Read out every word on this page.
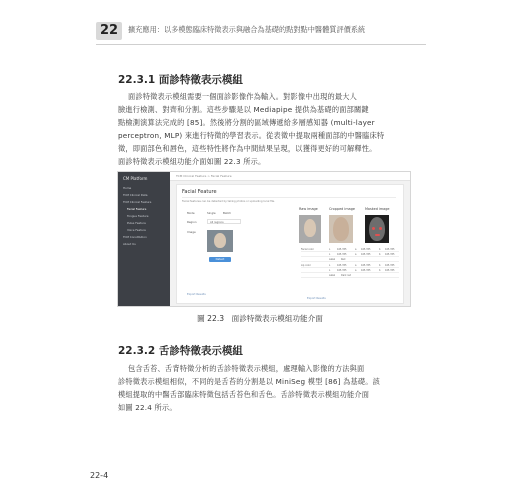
22	擴充應用：以多模態臨床特徵表示與融合為基礎的點對點中醫體質評價系統
22.3.1 面診特徵表示模組
面診特徵表示模組需要一個面診影像作為輸入。對影像中出現的最大人
臉進行檢測、對齊和分割。這些步驟是以 Mediapipe 提供為基礎的面部關鍵
點檢測演算法完成的 [85]。然後將分割的區域傳遞給多層感知器 (multi-layer
perceptron, MLP) 來進行特徵的學習表示。從表徵中提取兩種面部的中醫臨床特
徵，即面部色和唇色，這些特性將作為中間結果呈現，以獲得更好的可解釋性。
面診特徵表示模組功能介面如圖 22.3 所示。
CM Platform
Home
TCM Clinical Data
TCM Clinical Feature
Facial Feature
Tongue Feature
Pulse Feature
Voice Feature
TCM Constitution
About Us
TCM Clinical Feature > Facial Feature
Facial Feature
Facial features can be detected by taking photos or uploading local file.
Mode	Single	Batch
Region	All regions
Image
Detect
Export Results
Export Results
Raw image	Cropped image	Masked image
Facial color	L	165.355	a 165.355	b 165.355
L	165.355	a 165.355	b 165.355
Label	Red
Lip color	L	165.355	a 165.355	b 165.355
L	165.355	a 165.355	b 165.355
Label	Dark red
圖 22.3　面診特徵表示模組功能介面
22.3.2 舌診特徵表示模組
包含舌苔、舌背特徵分析的舌診特徵表示模組，處理輸入影像的方法與面
診特徵表示模組相似，不同的是舌苔的分割是以 MiniSeg 模型 [86] 為基礎。該
模組提取的中醫舌部臨床特徵包括舌苔色和舌色。舌診特徵表示模組功能介面
如圖 22.4 所示。
22-4
